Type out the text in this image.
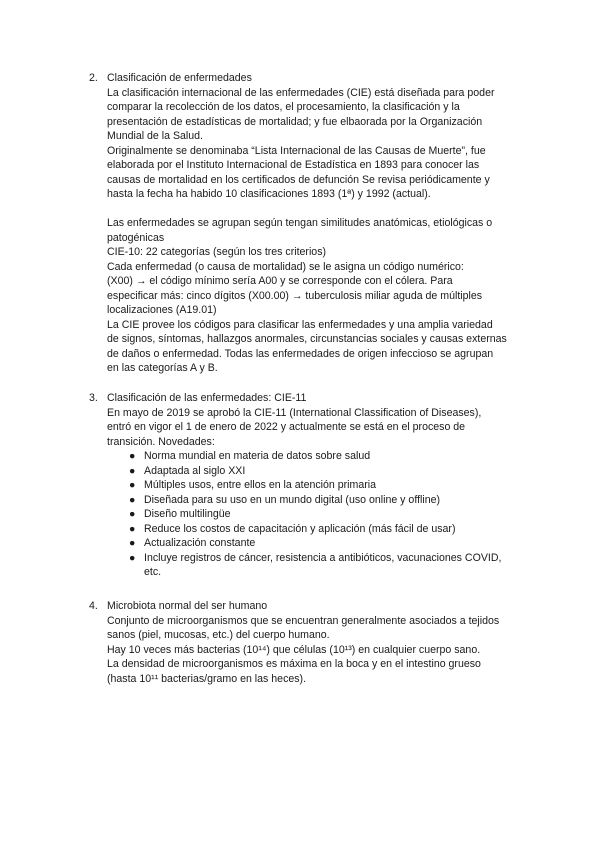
2. Clasificación de enfermedades
La clasificación internacional de las enfermedades (CIE) está diseñada para poder
comparar la recolección de los datos, el procesamiento, la clasificación y la
presentación de estadísticas de mortalidad; y fue elbaorada por la Organización
Mundial de la Salud.
Originalmente se denominaba “Lista Internacional de las Causas de Muerte”, fue
elaborada por el Instituto Internacional de Estadística en 1893 para conocer las
causas de mortalidad en los certificados de defunción Se revisa periódicamente y
hasta la fecha ha habido 10 clasificaciones 1893 (1ª) y 1992 (actual).
Las enfermedades se agrupan según tengan similitudes anatómicas, etiológicas o
patogénicas
CIE-10: 22 categorías (según los tres criterios)
Cada enfermedad (o causa de mortalidad) se le asigna un código numérico:
(X00) → el código mínimo sería A00 y se corresponde con el cólera. Para
especificar más: cinco dígitos (X00.00) → tuberculosis miliar aguda de múltiples
localizaciones (A19.01)
La CIE provee los códigos para clasificar las enfermedades y una amplia variedad
de signos, síntomas, hallazgos anormales, circunstancias sociales y causas externas
de daños o enfermedad. Todas las enfermedades de origen infeccioso se agrupan
en las categorías A y B.
3. Clasificación de las enfermedades: CIE-11
En mayo de 2019 se aprobó la CIE-11 (International Classification of Diseases),
entró en vigor el 1 de enero de 2022 y actualmente se está en el proceso de
transición. Novedades:
● Norma mundial en materia de datos sobre salud
● Adaptada al siglo XXI
● Múltiples usos, entre ellos en la atención primaria
● Diseñada para su uso en un mundo digital (uso online y offline)
● Diseño multilingüe
● Reduce los costos de capacitación y aplicación (más fácil de usar)
● Actualización constante
● Incluye registros de cáncer, resistencia a antibióticos, vacunaciones COVID,
etc.
4. Microbiota normal del ser humano
Conjunto de microorganismos que se encuentran generalmente asociados a tejidos
sanos (piel, mucosas, etc.) del cuerpo humano.
Hay 10 veces más bacterias (10¹⁴) que células (10¹³) en cualquier cuerpo sano.
La densidad de microorganismos es máxima en la boca y en el intestino grueso
(hasta 10¹¹ bacterias/gramo en las heces).
